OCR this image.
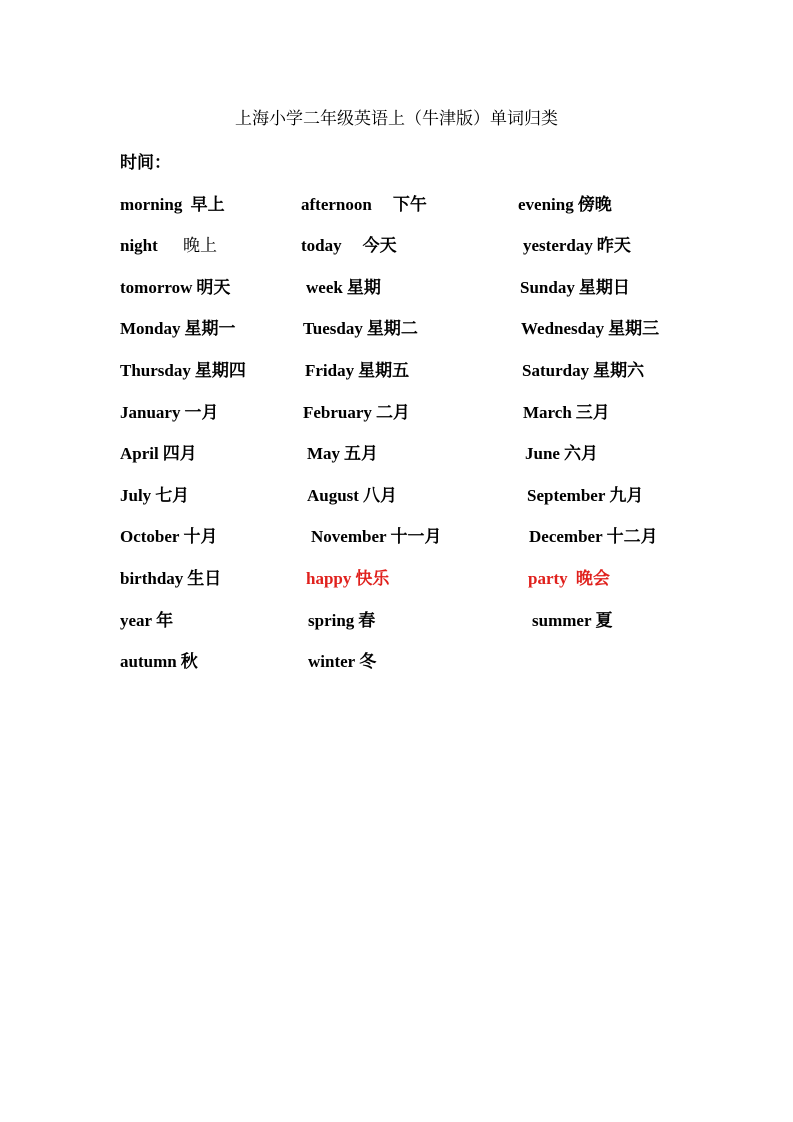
上海小学二年级英语上（牛津版）单词归类
时间：
morning 早上	afternoon    下午	evening 傍晚
night     晚上	today    今天	yesterday 昨天
tomorrow 明天	week 星期	Sunday 星期日
Monday 星期一	Tuesday 星期二	Wednesday 星期三
Thursday 星期四	Friday 星期五	Saturday 星期六
January 一月	February 二月	March 三月
April 四月	May 五月	June 六月
July 七月	August 八月	September 九月
October 十月	November 十一月	December 十二月
birthday 生日	happy 快乐	party 晚会
year 年	spring 春	summer 夏
autumn 秋	winter 冬
